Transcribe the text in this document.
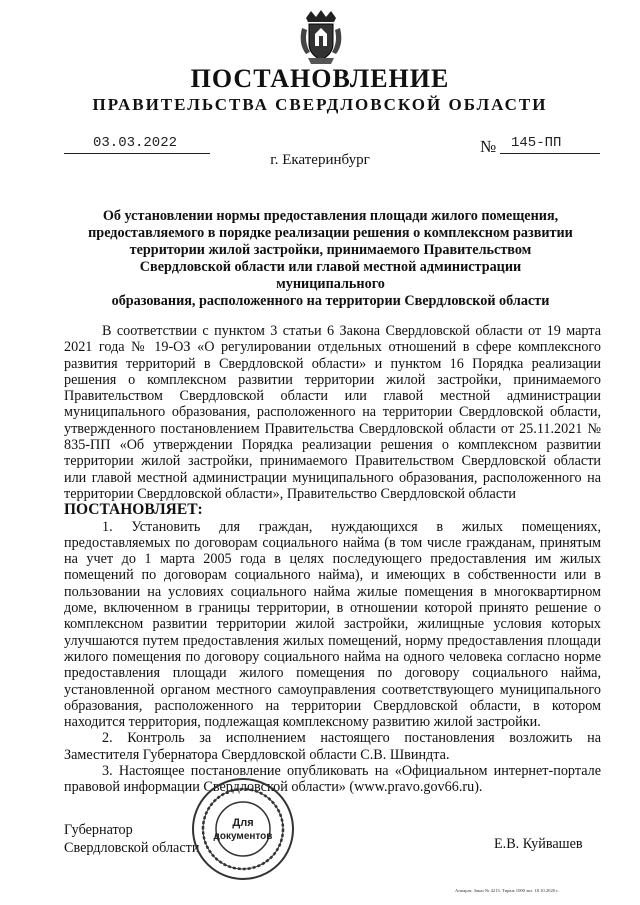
ПОСТАНОВЛЕНИЕ
ПРАВИТЕЛЬСТВА СВЕРДЛОВСКОЙ ОБЛАСТИ
03.03.2022	№ 145-ПП
г. Екатеринбург
Об установлении нормы предоставления площади жилого помещения,
предоставляемого в порядке реализации решения о комплексном развитии
территории жилой застройки, принимаемого Правительством
Свердловской области или главой местной администрации муниципального
образования, расположенного на территории Свердловской области

В соответствии с пунктом 3 статьи 6 Закона Свердловской области от 19 марта 2021 года № 19-ОЗ «О регулировании отдельных отношений в сфере комплексного развития территорий в Свердловской области» и пунктом 16 Порядка реализации решения о комплексном развитии территории жилой застройки, принимаемого Правительством Свердловской области или главой местной администрации муниципального образования, расположенного на территории Свердловской области, утвержденного постановлением Правительства Свердловской области от 25.11.2021 № 835-ПП «Об утверждении Порядка реализации решения о комплексном развитии территории жилой застройки, принимаемого Правительством Свердловской области или главой местной администрации муниципального образования, расположенного на территории Свердловской области», Правительство Свердловской области

ПОСТАНОВЛЯЕТ:

1. Установить для граждан, нуждающихся в жилых помещениях, предоставляемых по договорам социального найма (в том числе гражданам, принятым на учет до 1 марта 2005 года в целях последующего предоставления им жилых помещений по договорам социального найма), и имеющих в собственности или в пользовании на условиях социального найма жилые помещения в многоквартирном доме, включенном в границы территории, в отношении которой принято решение о комплексном развитии территории жилой застройки, жилищные условия которых улучшаются путем предоставления жилых помещений, норму предоставления площади жилого помещения по договору социального найма на одного человека согласно норме предоставления площади жилого помещения по договору социального найма, установленной органом местного самоуправления соответствующего муниципального образования, расположенного на территории Свердловской области, в котором находится территория, подлежащая комплексному развитию жилой застройки.

2. Контроль за исполнением настоящего постановления возложить на Заместителя Губернатора Свердловской области С.В. Швиндта.

3. Настоящее постановление опубликовать на «Официальном интернет-портале правовой информации Свердловской области» (www.pravo.gov66.ru).

Губернатор
Свердловской области	Е.В. Куйвашев
Для
документов
Аппарат. Заказ № 4213. Тираж 1000 экз. 18.10.2020 г.
